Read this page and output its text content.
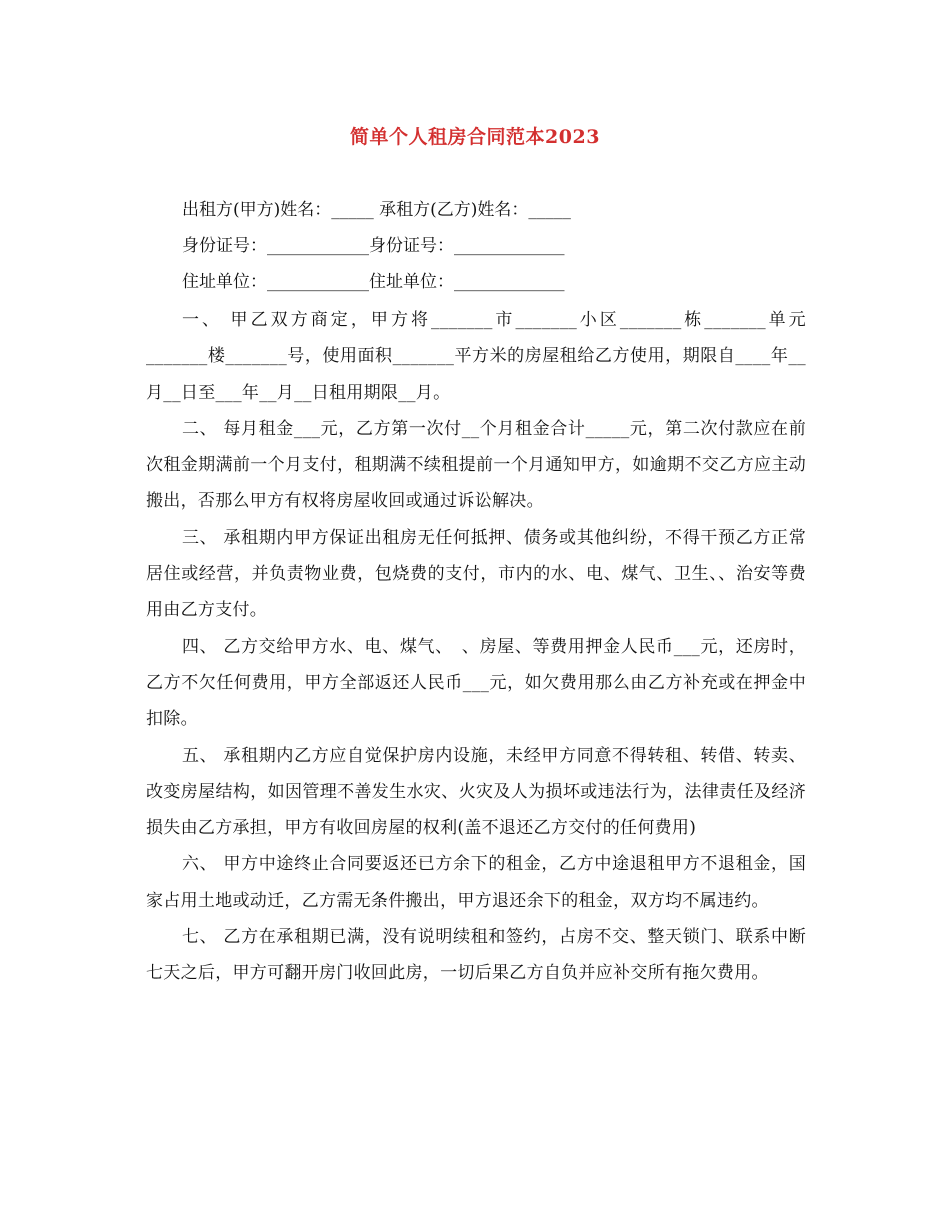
简单个人租房合同范本2023
出租方(甲方)姓名：_____ 承租方(乙方)姓名：_____
身份证号：____________身份证号：_____________
住址单位：____________住址单位：_____________

一、 甲乙双方商定，甲方将_______市_______小区_______栋_______单元_______楼_______号，使用面积_______平方米的房屋租给乙方使用，期限自____年__月__日至___年__月__日租用期限__月。

二、 每月租金___元，乙方第一次付__个月租金合计_____元，第二次付款应在前次租金期满前一个月支付，租期满不续租提前一个月通知甲方，如逾期不交乙方应主动搬出，否那么甲方有权将房屋收回或通过诉讼解决。

三、 承租期内甲方保证出租房无任何抵押、债务或其他纠纷，不得干预乙方正常居住或经营，并负责物业费，包烧费的支付，市内的水、电、煤气、卫生、、治安等费用由乙方支付。

四、 乙方交给甲方水、电、煤气、　、房屋、等费用押金人民币___元，还房时，乙方不欠任何费用，甲方全部返还人民币___元，如欠费用那么由乙方补充或在押金中扣除。

五、 承租期内乙方应自觉保护房内设施，未经甲方同意不得转租、转借、转卖、改变房屋结构，如因管理不善发生水灾、火灾及人为损坏或违法行为，法律责任及经济损失由乙方承担，甲方有收回房屋的权利(盖不退还乙方交付的任何费用)

六、 甲方中途终止合同要返还已方余下的租金，乙方中途退租甲方不退租金，国家占用土地或动迁，乙方需无条件搬出，甲方退还余下的租金，双方均不属违约。

七、 乙方在承租期已满，没有说明续租和签约，占房不交、整天锁门、联系中断七天之后，甲方可翻开房门收回此房，一切后果乙方自负并应补交所有拖欠费用。
